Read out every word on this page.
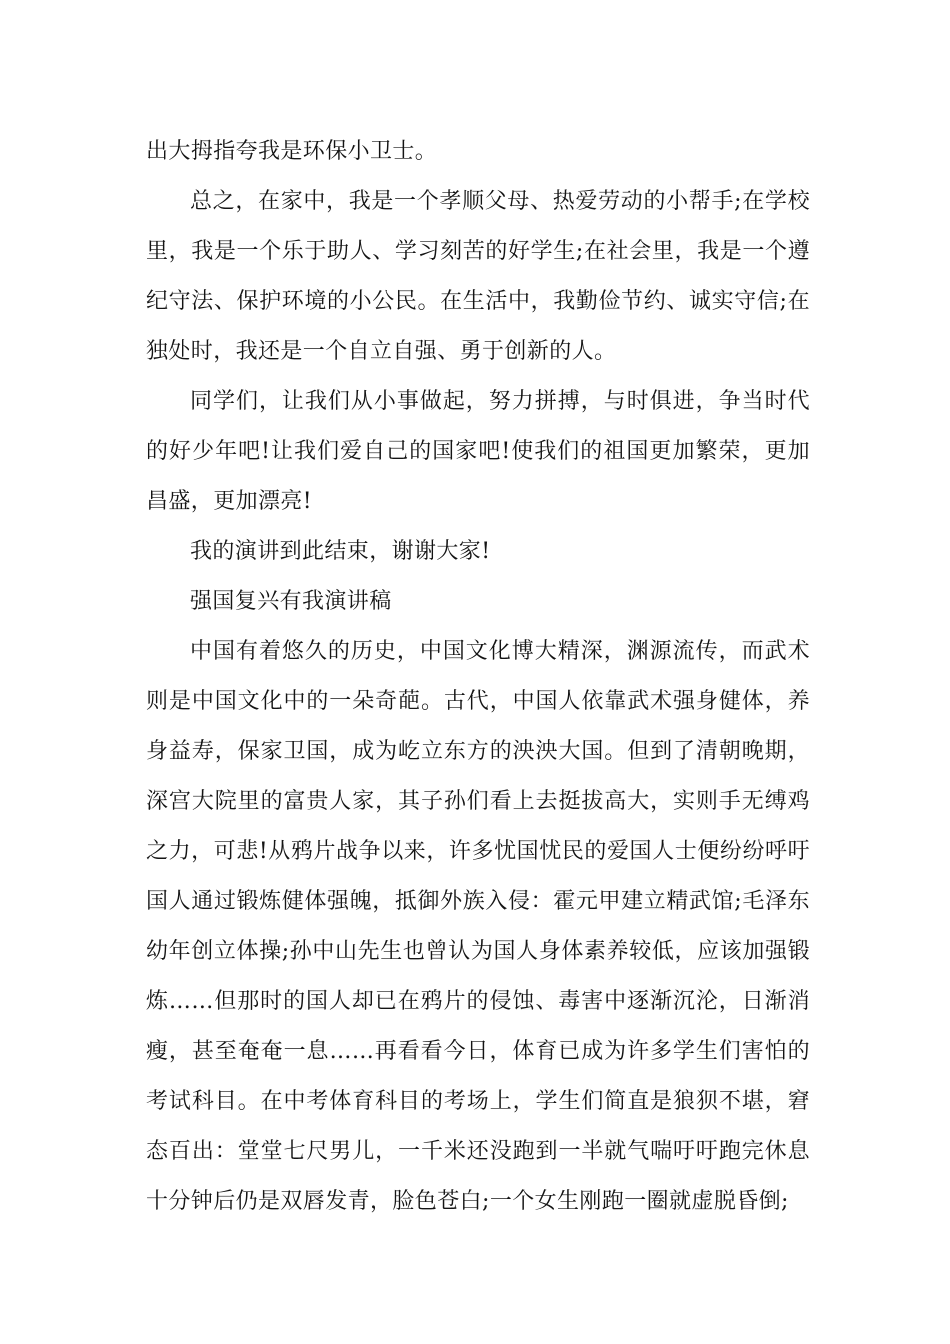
出大拇指夸我是环保小卫士。

总之，在家中，我是一个孝顺父母、热爱劳动的小帮手;在学校里，我是一个乐于助人、学习刻苦的好学生;在社会里，我是一个遵纪守法、保护环境的小公民。在生活中，我勤俭节约、诚实守信;在独处时，我还是一个自立自强、勇于创新的人。

同学们，让我们从小事做起，努力拼搏，与时俱进，争当时代的好少年吧!让我们爱自己的国家吧!使我们的祖国更加繁荣，更加昌盛，更加漂亮!

我的演讲到此结束，谢谢大家!

强国复兴有我演讲稿

中国有着悠久的历史，中国文化博大精深，渊源流传，而武术则是中国文化中的一朵奇葩。古代，中国人依靠武术强身健体，养身益寿，保家卫国，成为屹立东方的泱泱大国。但到了清朝晚期，深宫大院里的富贵人家，其子孙们看上去挺拔高大，实则手无缚鸡之力，可悲!从鸦片战争以来，许多忧国忧民的爱国人士便纷纷呼吁国人通过锻炼健体强魄，抵御外族入侵：霍元甲建立精武馆;毛泽东幼年创立体操;孙中山先生也曾认为国人身体素养较低，应该加强锻炼……但那时的国人却已在鸦片的侵蚀、毒害中逐渐沉沦，日渐消瘦，甚至奄奄一息……再看看今日，体育已成为许多学生们害怕的考试科目。在中考体育科目的考场上，学生们简直是狼狈不堪，窘态百出：堂堂七尺男儿，一千米还没跑到一半就气喘吁吁跑完休息十分钟后仍是双唇发青，脸色苍白;一个女生刚跑一圈就虚脱昏倒;
